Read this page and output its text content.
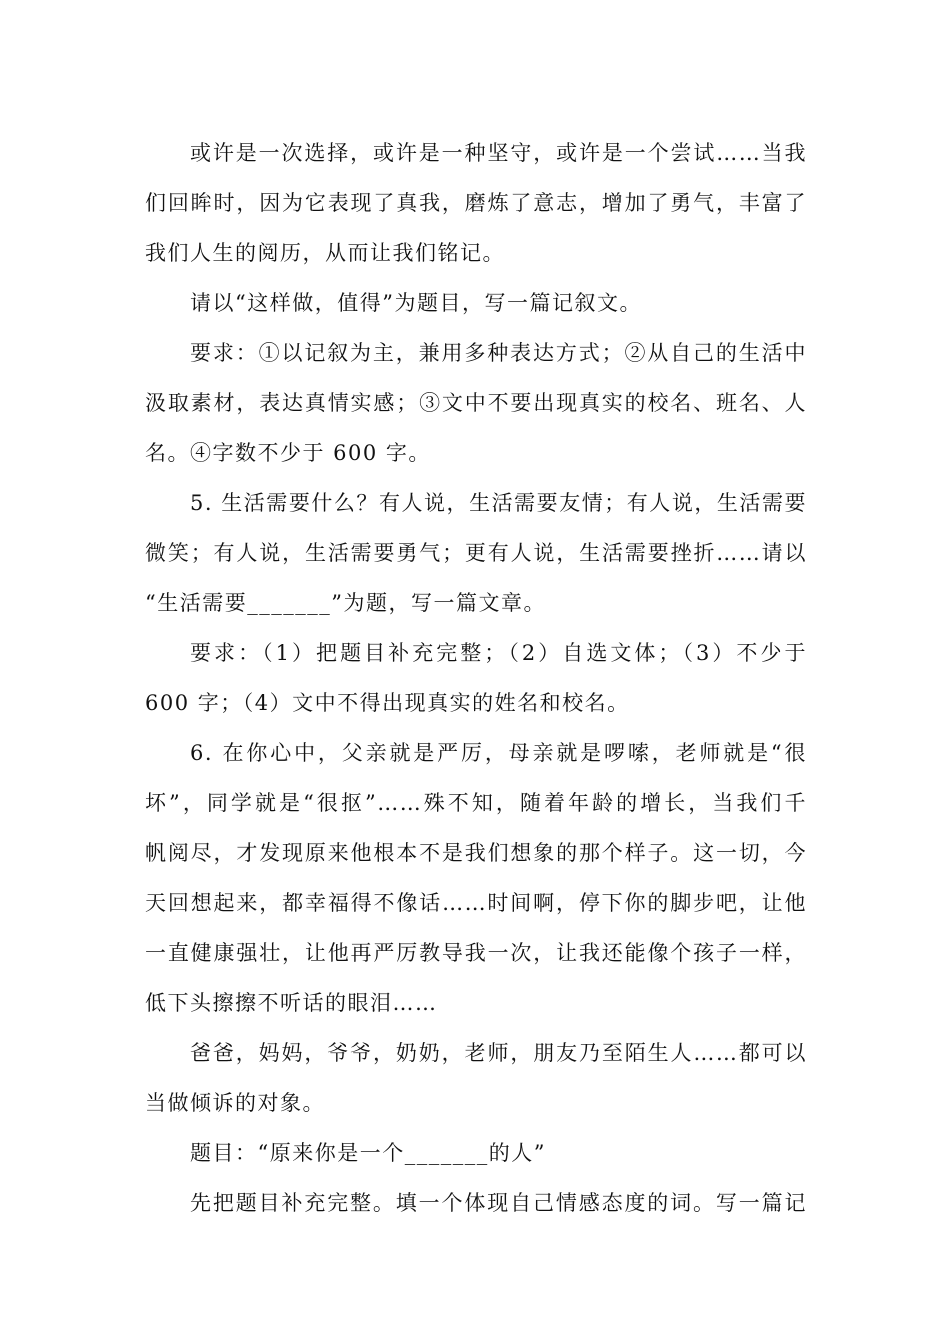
或许是一次选择，或许是一种坚守，或许是一个尝试……当我
们回眸时，因为它表现了真我，磨炼了意志，增加了勇气，丰富了
我们人生的阅历，从而让我们铭记。

请以“这样做，值得”为题目，写一篇记叙文。

要求：①以记叙为主，兼用多种表达方式；②从自己的生活中
汲取素材，表达真情实感；③文中不要出现真实的校名、班名、人
名。④字数不少于 600 字。

5. 生活需要什么？有人说，生活需要友情；有人说，生活需要
微笑；有人说，生活需要勇气；更有人说，生活需要挫折……请以
“生活需要_______”为题，写一篇文章。

要求：（1）把题目补充完整；（2）自选文体；（3）不少于
600 字；（4）文中不得出现真实的姓名和校名。

6. 在你心中，父亲就是严厉，母亲就是啰嗦，老师就是“很
坏”，同学就是“很抠”……殊不知，随着年龄的增长，当我们千
帆阅尽，才发现原来他根本不是我们想象的那个样子。这一切，今
天回想起来，都幸福得不像话……时间啊，停下你的脚步吧，让他
一直健康强壮，让他再严厉教导我一次，让我还能像个孩子一样，
低下头擦擦不听话的眼泪……

爸爸，妈妈，爷爷，奶奶，老师，朋友乃至陌生人……都可以
当做倾诉的对象。

题目：“原来你是一个_______的人”

先把题目补充完整。填一个体现自己情感态度的词。写一篇记
